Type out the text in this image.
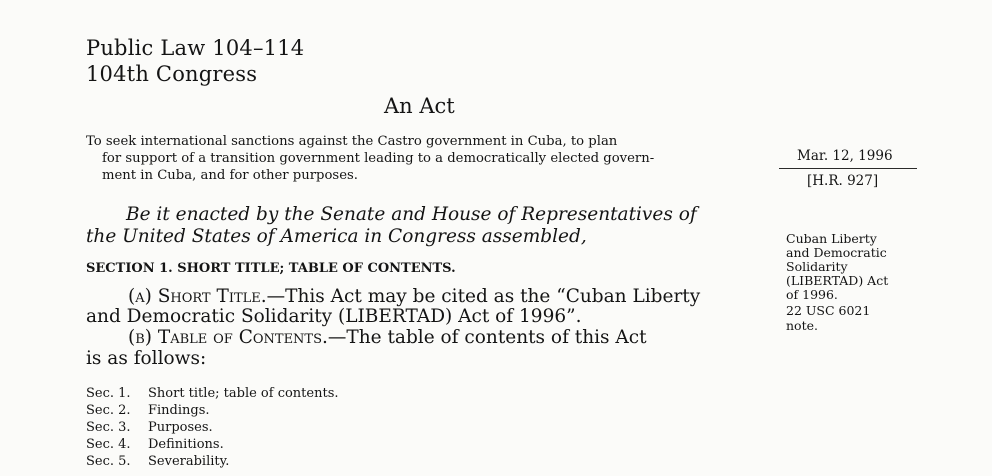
Public Law 104–114
104th Congress
An Act
To seek international sanctions against the Castro government in Cuba, to plan
for support of a transition government leading to a democratically elected govern-
ment in Cuba, and for other purposes.
Mar. 12, 1996
[H.R. 927]
Be it enacted by the Senate and House of Representatives of
the United States of America in Congress assembled,
SECTION 1. SHORT TITLE; TABLE OF CONTENTS.
(a) Short Title.—This Act may be cited as the “Cuban Liberty
and Democratic Solidarity (LIBERTAD) Act of 1996”.
(b) Table of Contents.—The table of contents of this Act
is as follows:
Cuban Liberty
and Democratic
Solidarity
(LIBERTAD) Act
of 1996.
22 USC 6021
note.
Sec. 1. Short title; table of contents.
Sec. 2. Findings.
Sec. 3. Purposes.
Sec. 4. Definitions.
Sec. 5. Severability.
